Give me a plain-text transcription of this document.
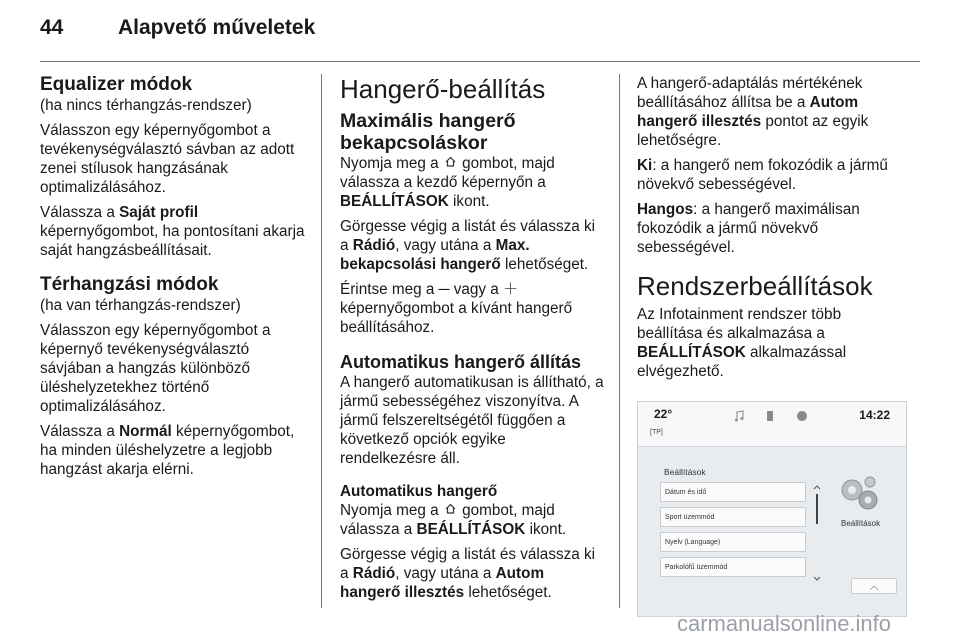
44	Alapvető műveletek
Equalizer módok
(ha nincs térhangzás-rendszer)

Válasszon egy képernyőgombot a tevékenységválasztó sávban az adott zenei stílusok hangzásának optimalizálásához.

Válassza a Saját profil képernyőgombot, ha pontosítani akarja saját hangzásbeállításait.

Térhangzási módok
(ha van térhangzás-rendszer)

Válasszon egy képernyőgombot a képernyő tevékenységválasztó sávjában a hangzás különböző üléshelyzetekhez történő optimalizálásához.

Válassza a Normál képernyőgombot, ha minden üléshelyzetre a legjobb hangzást akarja elérni.

Hangerő-beállítás
Maximális hangerő bekapcsoláskor

Nyomja meg a gombot, majd válassza a kezdő képernyőn a BEÁLLÍTÁSOK ikont.

Görgesse végig a listát és válassza ki a Rádió, vagy utána a Max. bekapcsolási hangerő lehetőséget.

Érintse meg a ─ vagy a ＋ képernyőgombot a kívánt hangerő beállításához.

Automatikus hangerő állítás

A hangerő automatikusan is állítható, a jármű sebességéhez viszonyítva. A jármű felszereltségétől függően a következő opciók egyike rendelkezésre áll.

Automatikus hangerő

Nyomja meg a gombot, majd válassza a BEÁLLÍTÁSOK ikont.

Görgesse végig a listát és válassza ki a Rádió, vagy utána a Autom hangerő illesztés lehetőséget.

A hangerő-adaptálás mértékének beállításához állítsa be a Autom hangerő illesztés pontot az egyik lehetőségre.

Ki: a hangerő nem fokozódik a jármű növekvő sebességével.

Hangos: a hangerő maximálisan fokozódik a jármű növekvő sebességével.

Rendszerbeállítások

Az Infotainment rendszer több beállítása és alkalmazása a BEÁLLÍTÁSOK alkalmazással elvégezhető.

22°
[TP]
14:22
Beállítások
Dátum és idő
Sport üzemmód
Nyelv (Language)
Parkolófű üzemmód
Beállítások
︿
carmanualsonline.info
